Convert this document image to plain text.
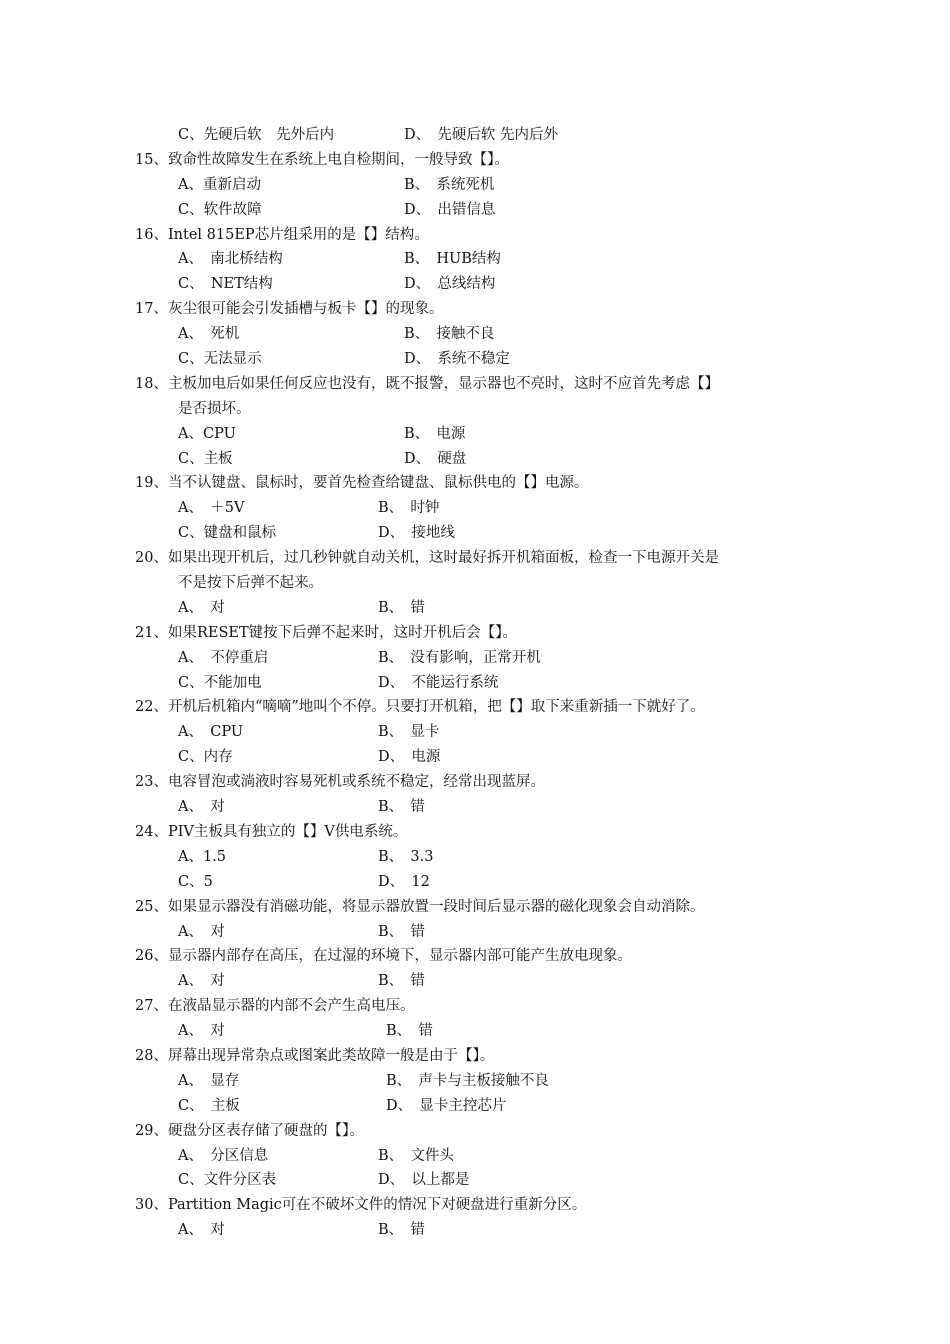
C、先硬后软　先外后内	D、　先硬后软 先内后外
15、致命性故障发生在系统上电自检期间，一般导致【】。
A、重新启动	B、　系统死机
C、软件故障	D、　出错信息
16、Intel 815EP芯片组采用的是【】结构。
A、　南北桥结构	B、　HUB结构
C、　NET结构	D、　总线结构
17、灰尘很可能会引发插槽与板卡【】的现象。
A、　死机	B、　接触不良
C、无法显示	D、　系统不稳定
18、主板加电后如果任何反应也没有，既不报警，显示器也不亮时，这时不应首先考虑【】
是否损坏。
A、CPU	B、　电源
C、主板	D、　硬盘
19、当不认键盘、鼠标时，要首先检查给键盘、鼠标供电的【】电源。
A、　＋5V	B、　时钟
C、键盘和鼠标	D、　接地线
20、如果出现开机后，过几秒钟就自动关机，这时最好拆开机箱面板，检查一下电源开关是
不是按下后弹不起来。
A、　对	B、　错
21、如果RESET键按下后弹不起来时，这时开机后会【】。
A、　不停重启	B、　没有影响，正常开机
C、不能加电	D、　不能运行系统
22、开机后机箱内“嘀嘀”地叫个不停。只要打开机箱，把【】取下来重新插一下就好了。
A、　CPU	B、　显卡
C、内存	D、　电源
23、电容冒泡或淌液时容易死机或系统不稳定，经常出现蓝屏。
A、　对	B、　错
24、PIV主板具有独立的【】V供电系统。
A、1.5	B、　3.3
C、5	D、　12
25、如果显示器没有消磁功能，将显示器放置一段时间后显示器的磁化现象会自动消除。
A、　对	B、　错
26、显示器内部存在高压，在过湿的环境下，显示器内部可能产生放电现象。
A、　对	B、　错
27、在液晶显示器的内部不会产生高电压。
A、　对	B、　错
28、屏幕出现异常杂点或图案此类故障一般是由于【】。
A、　显存	B、　声卡与主板接触不良
C、　主板	D、　显卡主控芯片
29、硬盘分区表存储了硬盘的【】。
A、　分区信息	B、　文件头
C、文件分区表	D、　以上都是
30、Partition Magic可在不破坏文件的情况下对硬盘进行重新分区。
A、　对	B、　错
